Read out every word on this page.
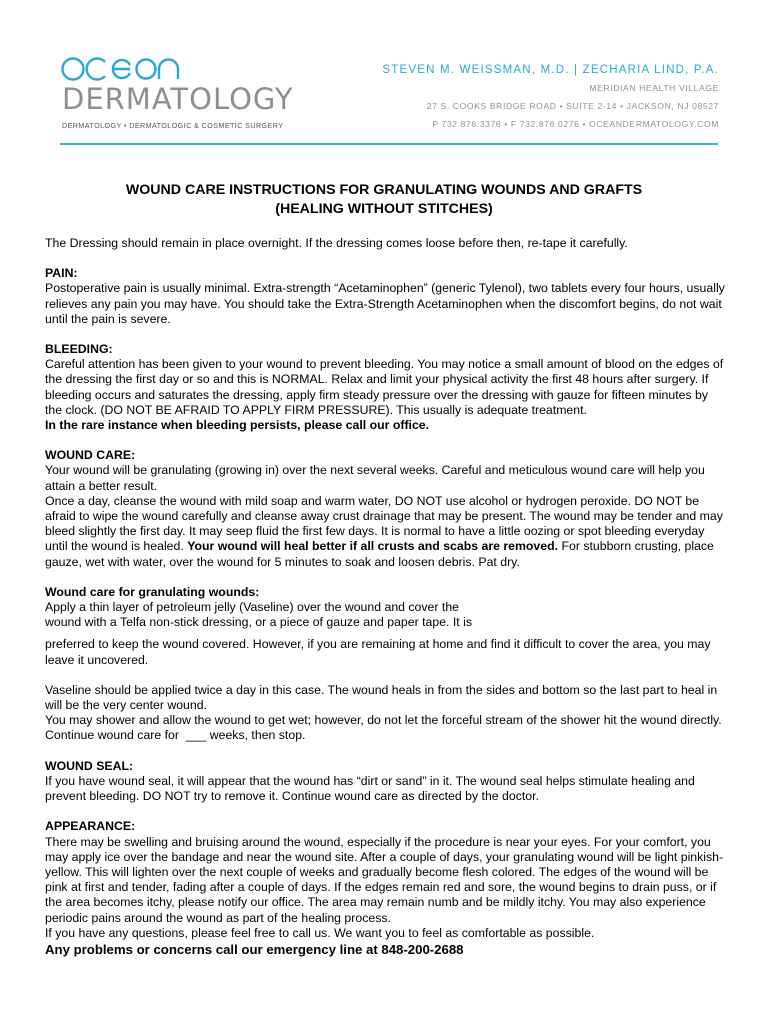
DERMATOLOGY
DERMATOLOGY • DERMATOLOGIC & COSMETIC SURGERY
STEVEN M. WEISSMAN, M.D. | ZECHARIA LIND, P.A.
MERIDIAN HEALTH VILLAGE
27 S. COOKS BRIDGE ROAD • SUITE 2-14 • JACKSON, NJ 08527
P 732.876.3376 • F 732.876.0276 • OCEANDERMATOLOGY.COM
WOUND CARE INSTRUCTIONS FOR GRANULATING WOUNDS AND GRAFTS
(HEALING WITHOUT STITCHES)

The Dressing should remain in place overnight. If the dressing comes loose before then, re-tape it carefully.

PAIN:

Postoperative pain is usually minimal. Extra-strength “Acetaminophen” (generic Tylenol), two tablets every four hours, usually relieves any pain you may have. You should take the Extra-Strength Acetaminophen when the discomfort begins, do not wait until the pain is severe.

BLEEDING:

Careful attention has been given to your wound to prevent bleeding. You may notice a small amount of blood on the edges of the dressing the first day or so and this is NORMAL. Relax and limit your physical activity the first 48 hours after surgery. If bleeding occurs and saturates the dressing, apply firm steady pressure over the dressing with gauze for fifteen minutes by the clock. (DO NOT BE AFRAID TO APPLY FIRM PRESSURE). This usually is adequate treatment.

In the rare instance when bleeding persists, please call our office.

WOUND CARE:

Your wound will be granulating (growing in) over the next several weeks. Careful and meticulous wound care will help you attain a better result.

Once a day, cleanse the wound with mild soap and warm water, DO NOT use alcohol or hydrogen peroxide. DO NOT be afraid to wipe the wound carefully and cleanse away crust drainage that may be present. The wound may be tender and may bleed slightly the first day. It may seep fluid the first few days. It is normal to have a little oozing or spot bleeding everyday until the wound is healed. Your wound will heal better if all crusts and scabs are removed. For stubborn crusting, place gauze, wet with water, over the wound for 5 minutes to soak and loosen debris. Pat dry.

Wound care for granulating wounds:

Apply a thin layer of petroleum jelly (Vaseline) over the wound and cover the

wound with a Telfa non-stick dressing, or a piece of gauze and paper tape. It is

preferred to keep the wound covered. However, if you are remaining at home and find it difficult to cover the area, you may leave it uncovered.

Vaseline should be applied twice a day in this case. The wound heals in from the sides and bottom so the last part to heal in will be the very center wound.

You may shower and allow the wound to get wet; however, do not let the forceful stream of the shower hit the wound directly.

Continue wound care for  ___ weeks, then stop.

WOUND SEAL:

If you have wound seal, it will appear that the wound has “dirt or sand” in it. The wound seal helps stimulate healing and prevent bleeding. DO NOT try to remove it. Continue wound care as directed by the doctor.

APPEARANCE:

There may be swelling and bruising around the wound, especially if the procedure is near your eyes. For your comfort, you may apply ice over the bandage and near the wound site. After a couple of days, your granulating wound will be light pinkish-yellow. This will lighten over the next couple of weeks and gradually become flesh colored. The edges of the wound will be pink at first and tender, fading after a couple of days. If the edges remain red and sore, the wound begins to drain puss, or if the area becomes itchy, please notify our office. The area may remain numb and be mildly itchy. You may also experience periodic pains around the wound as part of the healing process.

If you have any questions, please feel free to call us. We want you to feel as comfortable as possible.

Any problems or concerns call our emergency line at 848-200-2688
